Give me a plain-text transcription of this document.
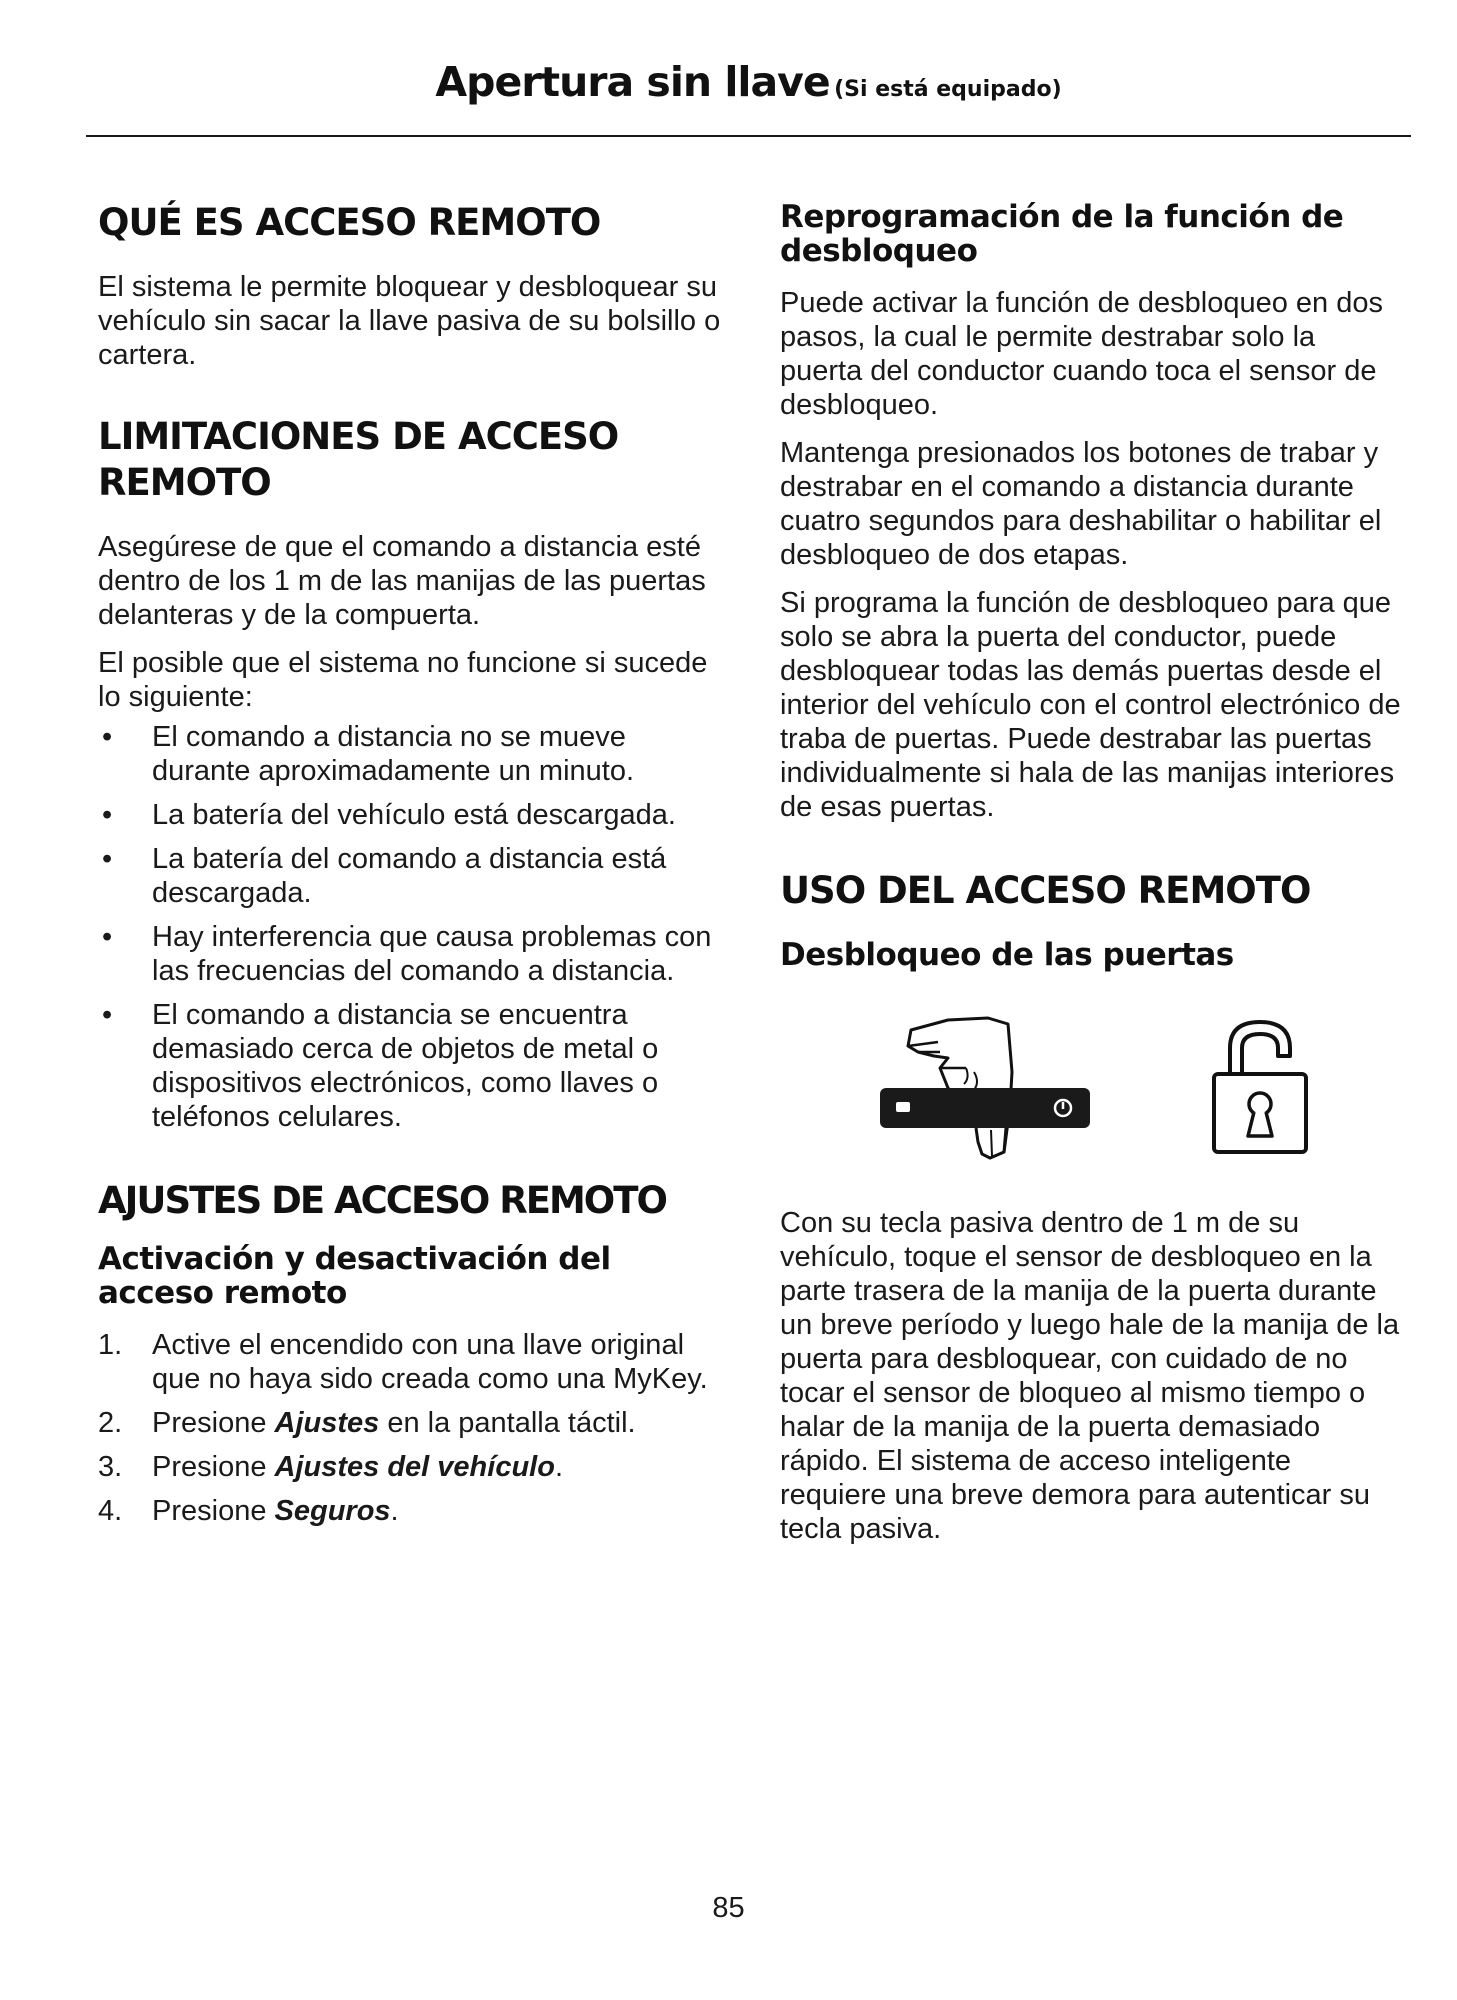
Apertura sin llave (Si está equipado)
QUÉ ES ACCESO REMOTO

El sistema le permite bloquear y desbloquear su vehículo sin sacar la llave pasiva de su bolsillo o cartera.

LIMITACIONES DE ACCESO REMOTO

Asegúrese de que el comando a distancia esté dentro de los 1 m de las manijas de las puertas delanteras y de la compuerta.

El posible que el sistema no funcione si sucede lo siguiente:

• El comando a distancia no se mueve durante aproximadamente un minuto.
• La batería del vehículo está descargada.
• La batería del comando a distancia está descargada.
• Hay interferencia que causa problemas con las frecuencias del comando a distancia.
• El comando a distancia se encuentra demasiado cerca de objetos de metal o dispositivos electrónicos, como llaves o teléfonos celulares.
AJUSTES DE ACCESO REMOTO
Activación y desactivación del acceso remoto
1. Active el encendido con una llave original que no haya sido creada como una MyKey.
2. Presione Ajustes en la pantalla táctil.
3. Presione Ajustes del vehículo.
4. Presione Seguros.
Reprogramación de la función de desbloqueo

Puede activar la función de desbloqueo en dos pasos, la cual le permite destrabar solo la puerta del conductor cuando toca el sensor de desbloqueo.

Mantenga presionados los botones de trabar y destrabar en el comando a distancia durante cuatro segundos para deshabilitar o habilitar el desbloqueo de dos etapas.

Si programa la función de desbloqueo para que solo se abra la puerta del conductor, puede desbloquear todas las demás puertas desde el interior del vehículo con el control electrónico de traba de puertas. Puede destrabar las puertas individualmente si hala de las manijas interiores de esas puertas.

USO DEL ACCESO REMOTO
Desbloqueo de las puertas

Con su tecla pasiva dentro de 1 m de su vehículo, toque el sensor de desbloqueo en la parte trasera de la manija de la puerta durante un breve período y luego hale de la manija de la puerta para desbloquear, con cuidado de no tocar el sensor de bloqueo al mismo tiempo o halar de la manija de la puerta demasiado rápido. El sistema de acceso inteligente requiere una breve demora para autenticar su tecla pasiva.

85
